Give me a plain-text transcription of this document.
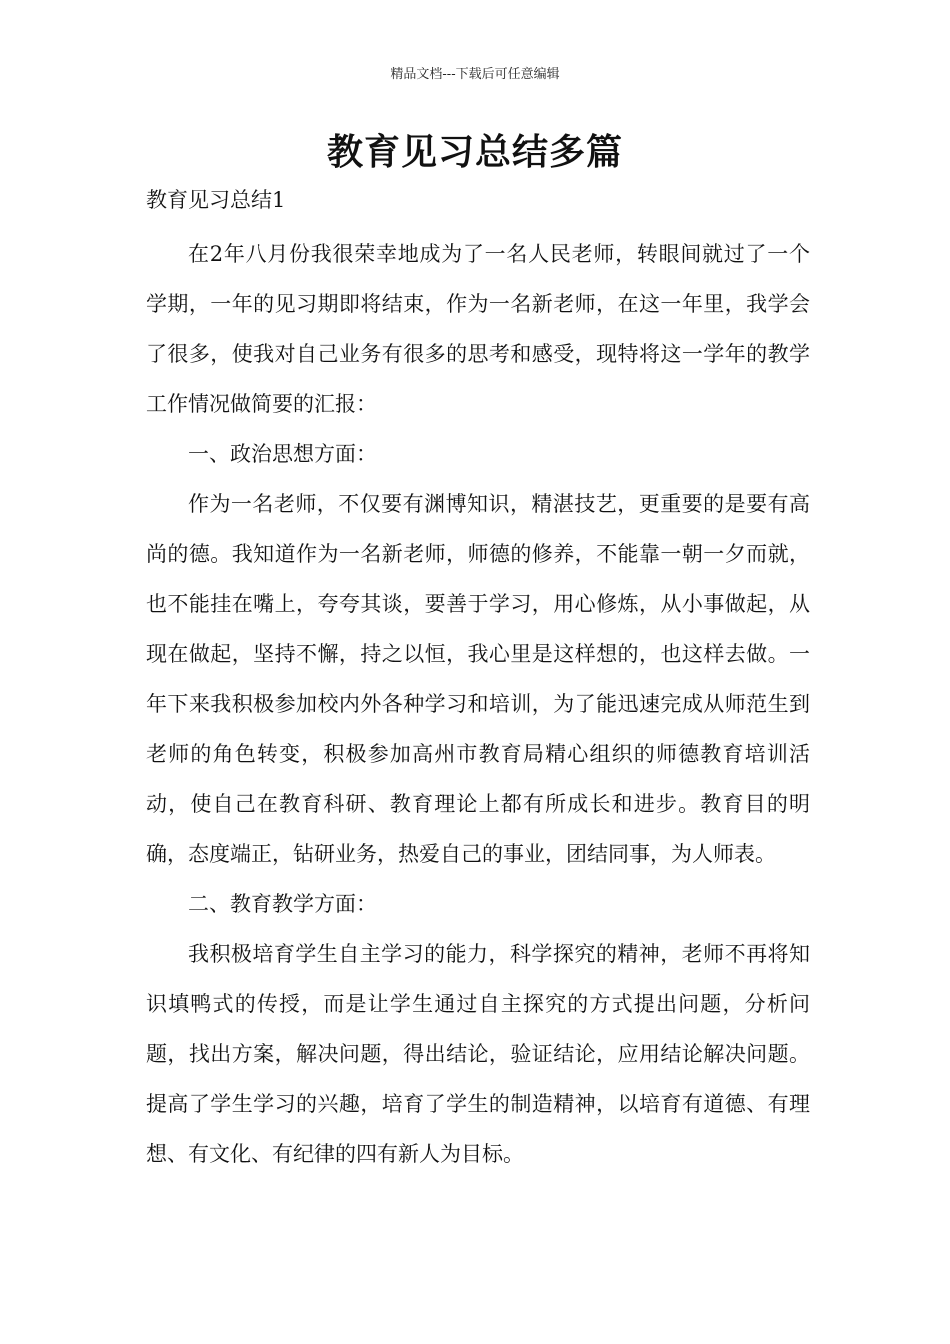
精品文档---下载后可任意编辑
教育见习总结多篇
教育见习总结1

在2年八月份我很荣幸地成为了一名人民老师，转眼间就过了一个学期，一年的见习期即将结束，作为一名新老师，在这一年里，我学会了很多，使我对自己业务有很多的思考和感受，现特将这一学年的教学工作情况做简要的汇报：

一、政治思想方面：

作为一名老师，不仅要有渊博知识，精湛技艺，更重要的是要有高尚的德。我知道作为一名新老师，师德的修养，不能靠一朝一夕而就，也不能挂在嘴上，夸夸其谈，要善于学习，用心修炼，从小事做起，从现在做起，坚持不懈，持之以恒，我心里是这样想的，也这样去做。一年下来我积极参加校内外各种学习和培训，为了能迅速完成从师范生到老师的角色转变，积极参加高州市教育局精心组织的师德教育培训活动，使自己在教育科研、教育理论上都有所成长和进步。教育目的明确，态度端正，钻研业务，热爱自己的事业，团结同事，为人师表。

二、教育教学方面：

我积极培育学生自主学习的能力，科学探究的精神，老师不再将知识填鸭式的传授，而是让学生通过自主探究的方式提出问题，分析问题，找出方案，解决问题，得出结论，验证结论，应用结论解决问题。提高了学生学习的兴趣，培育了学生的制造精神，以培育有道德、有理想、有文化、有纪律的四有新人为目标。
